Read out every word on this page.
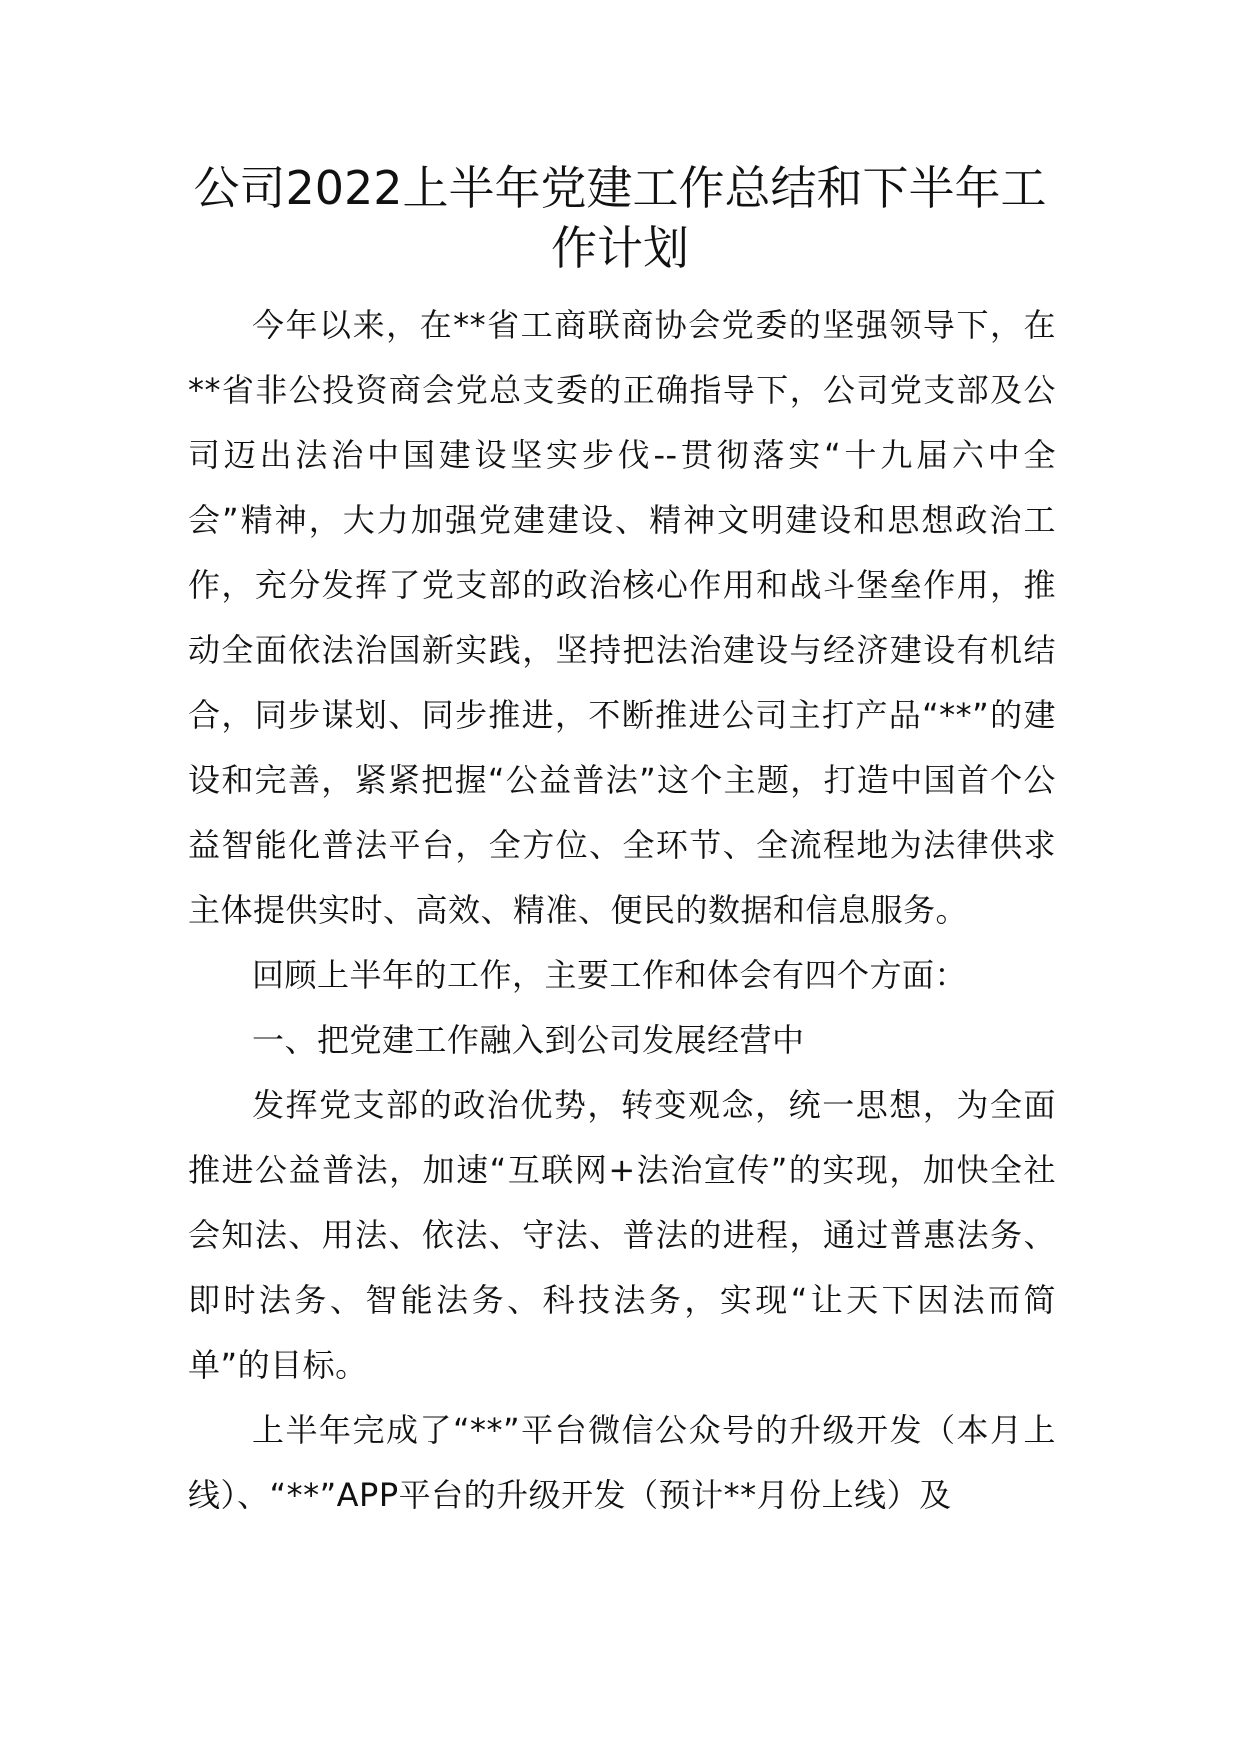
公司2022上半年党建工作总结和下半年工
作计划

今年以来，在**省工商联商协会党委的坚强领导下，在**省非公投资商会党总支委的正确指导下，公司党支部及公司迈出法治中国建设坚实步伐--贯彻落实“十九届六中全会”精神，大力加强党建建设、精神文明建设和思想政治工作，充分发挥了党支部的政治核心作用和战斗堡垒作用，推动全面依法治国新实践，坚持把法治建设与经济建设有机结合，同步谋划、同步推进，不断推进公司主打产品“**”的建设和完善，紧紧把握“公益普法”这个主题，打造中国首个公益智能化普法平台，全方位、全环节、全流程地为法律供求主体提供实时、高效、精准、便民的数据和信息服务。

回顾上半年的工作，主要工作和体会有四个方面：

一、把党建工作融入到公司发展经营中

发挥党支部的政治优势，转变观念，统一思想，为全面推进公益普法，加速“互联网+法治宣传”的实现，加快全社会知法、用法、依法、守法、普法的进程，通过普惠法务、即时法务、智能法务、科技法务，实现“让天下因法而简单”的目标。

上半年完成了“**”平台微信公众号的升级开发（本月上线）、“**”APP平台的升级开发（预计**月份上线）及
